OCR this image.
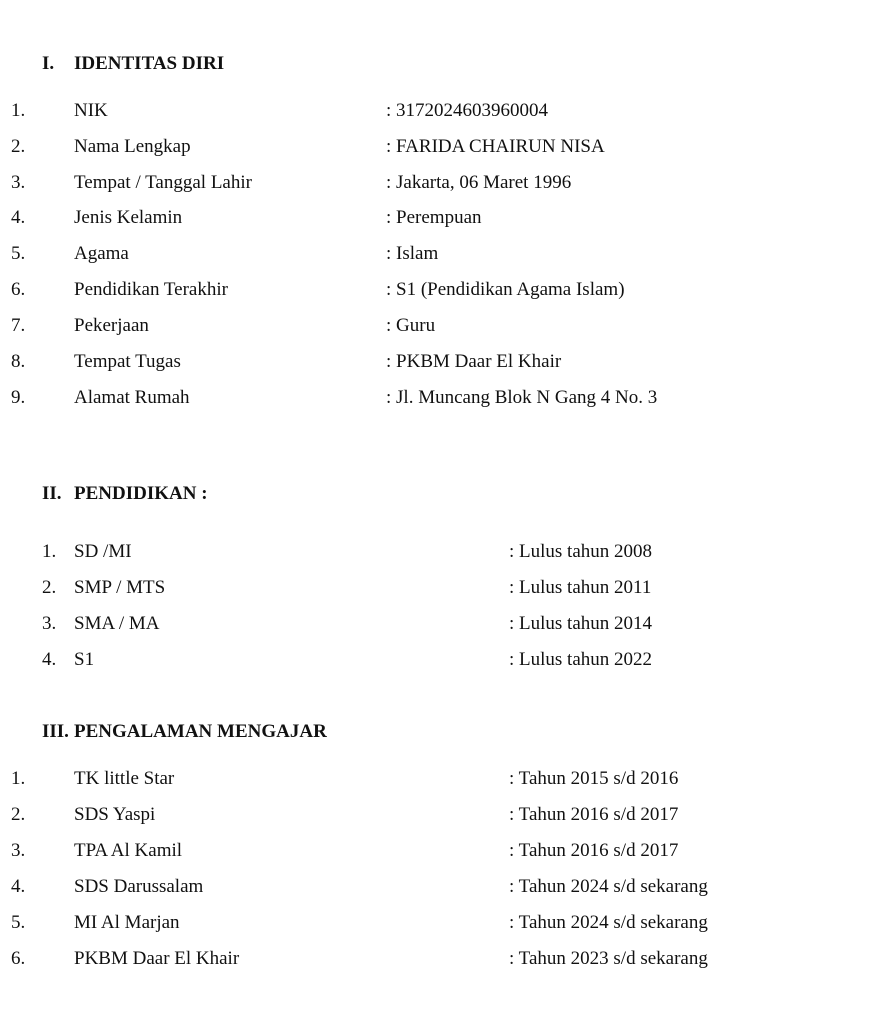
I. IDENTITAS DIRI
1.	NIK	: 3172024603960004
2.	Nama Lengkap	: FARIDA CHAIRUN NISA
3.	Tempat / Tanggal Lahir	: Jakarta, 06 Maret 1996
4.	Jenis Kelamin	: Perempuan
5.	Agama	: Islam
6.	Pendidikan Terakhir	: S1 (Pendidikan Agama Islam)
7.	Pekerjaan	: Guru
8.	Tempat Tugas	: PKBM Daar El Khair
9.	Alamat Rumah	: Jl. Muncang Blok N Gang 4 No. 3
II. PENDIDIKAN :
1. SD /MI	: Lulus tahun 2008
2. SMP / MTS	: Lulus tahun 2011
3. SMA / MA	: Lulus tahun 2014
4. S1	: Lulus tahun 2022
III. PENGALAMAN MENGAJAR
1.	TK little Star	: Tahun 2015 s/d 2016
2.	SDS Yaspi	: Tahun 2016 s/d 2017
3.	TPA Al Kamil	: Tahun 2016 s/d 2017
4.	SDS Darussalam	: Tahun 2024 s/d sekarang
5.	MI Al Marjan	: Tahun 2024 s/d sekarang
6.	PKBM Daar El Khair	: Tahun 2023 s/d sekarang
